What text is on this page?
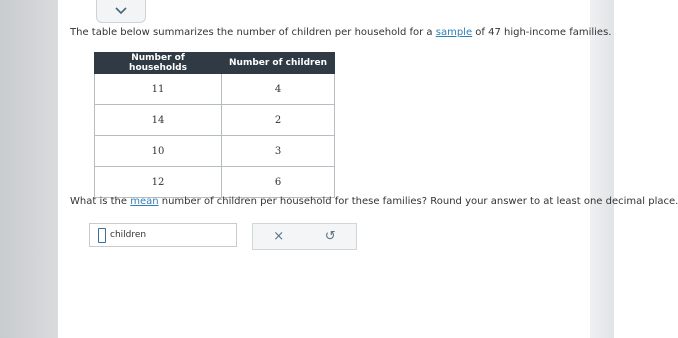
The table below summarizes the number of children per household for a sample of 47 high-income families.
Number of households	Number of children
11	4
14	2
10	3
12	6
What is the mean number of children per household for these families? Round your answer to at least one decimal place.
children	×	↺
